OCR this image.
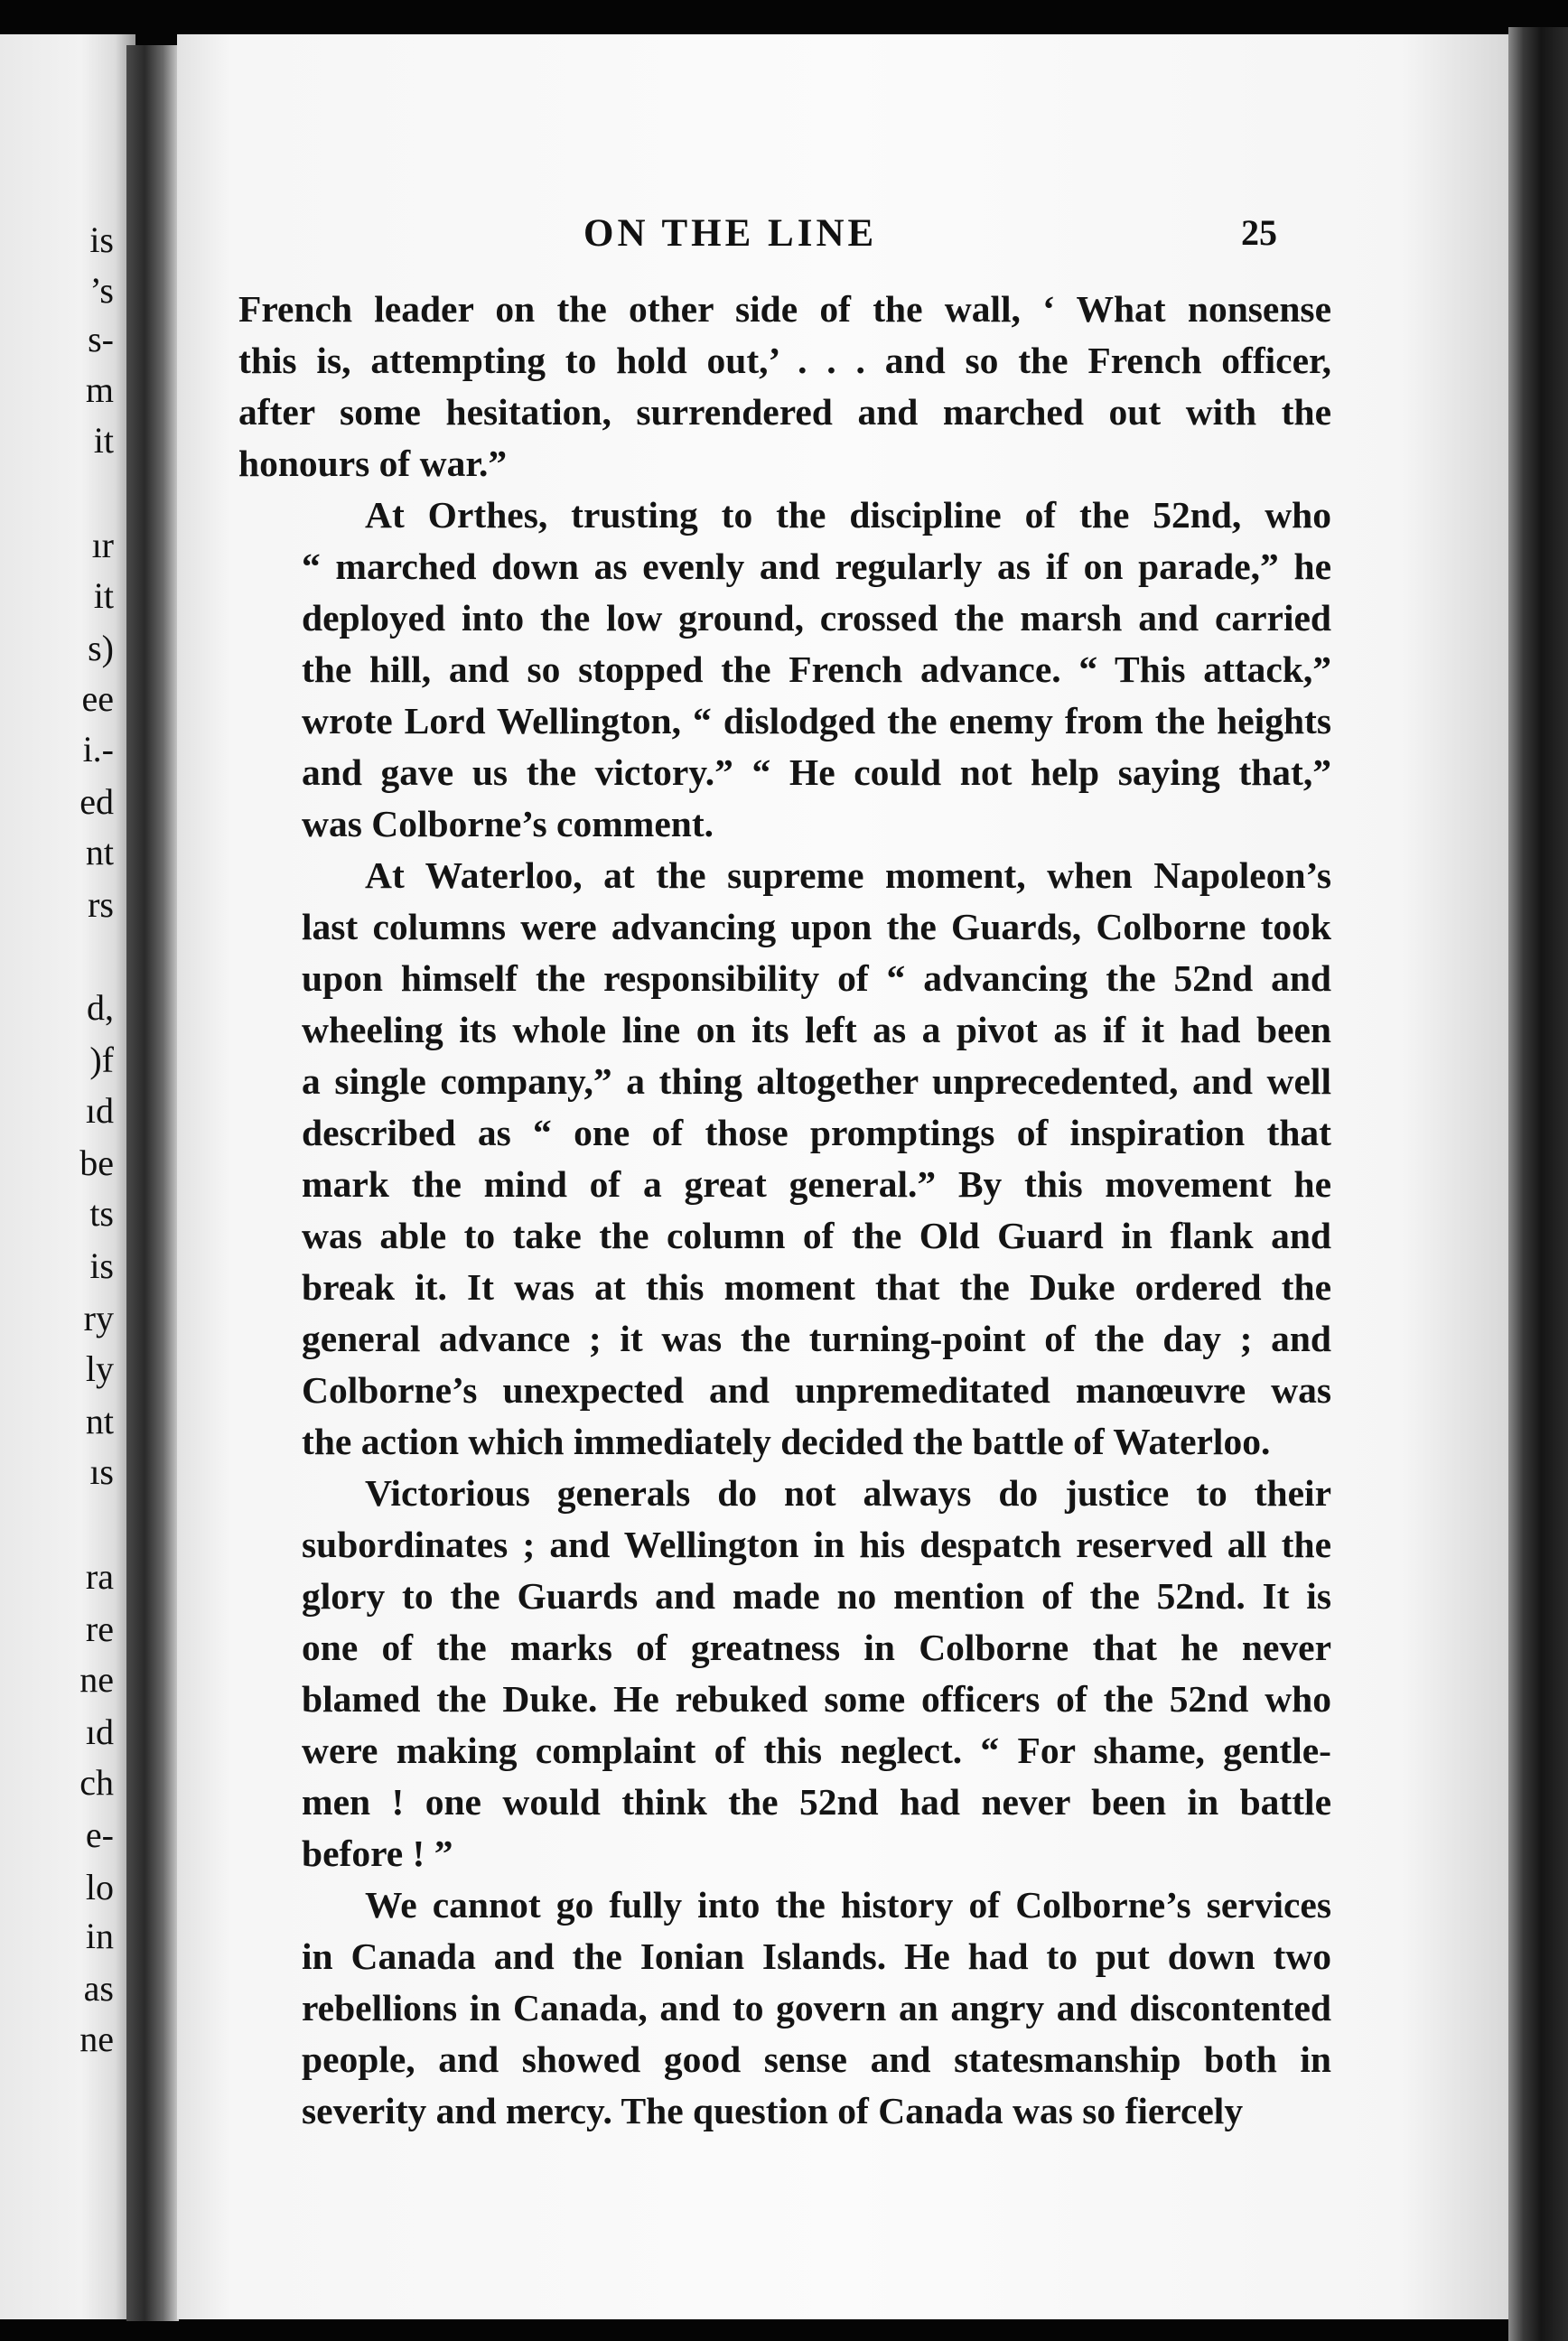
is
’s
s-
m
it
ır
it
s)
ee
i.-
ed
nt
rs
d,
)f
ıd
be
ts
is
ry
ly
nt
ıs
ra
re
ne
ıd
ch
e-
lo
in
as
ne
ON THE LINE	25

French leader on the other side of the wall, ‘ What nonsense
this is, attempting to hold out,’ . . . and so the French officer,
after some hesitation, surrendered and marched out with the
honours of war.”

At Orthes, trusting to the discipline of the 52nd, who
“ marched down as evenly and regularly as if on parade,” he
deployed into the low ground, crossed the marsh and carried
the hill, and so stopped the French advance. “ This attack,”
wrote Lord Wellington, “ dislodged the enemy from the heights
and gave us the victory.” “ He could not help saying that,”
was Colborne’s comment.

At Waterloo, at the supreme moment, when Napoleon’s
last columns were advancing upon the Guards, Colborne took
upon himself the responsibility of “ advancing the 52nd and
wheeling its whole line on its left as a pivot as if it had been
a single company,” a thing altogether unprecedented, and well
described as “ one of those promptings of inspiration that
mark the mind of a great general.” By this movement he
was able to take the column of the Old Guard in flank and
break it. It was at this moment that the Duke ordered the
general advance ; it was the turning-point of the day ; and
Colborne’s unexpected and unpremeditated manœuvre was
the action which immediately decided the battle of Waterloo.

Victorious generals do not always do justice to their
subordinates ; and Wellington in his despatch reserved all the
glory to the Guards and made no mention of the 52nd. It is
one of the marks of greatness in Colborne that he never
blamed the Duke. He rebuked some officers of the 52nd who
were making complaint of this neglect. “ For shame, gentle-
men ! one would think the 52nd had never been in battle
before ! ”

We cannot go fully into the history of Colborne’s services
in Canada and the Ionian Islands. He had to put down two
rebellions in Canada, and to govern an angry and discontented
people, and showed good sense and statesmanship both in
severity and mercy. The question of Canada was so fiercely
